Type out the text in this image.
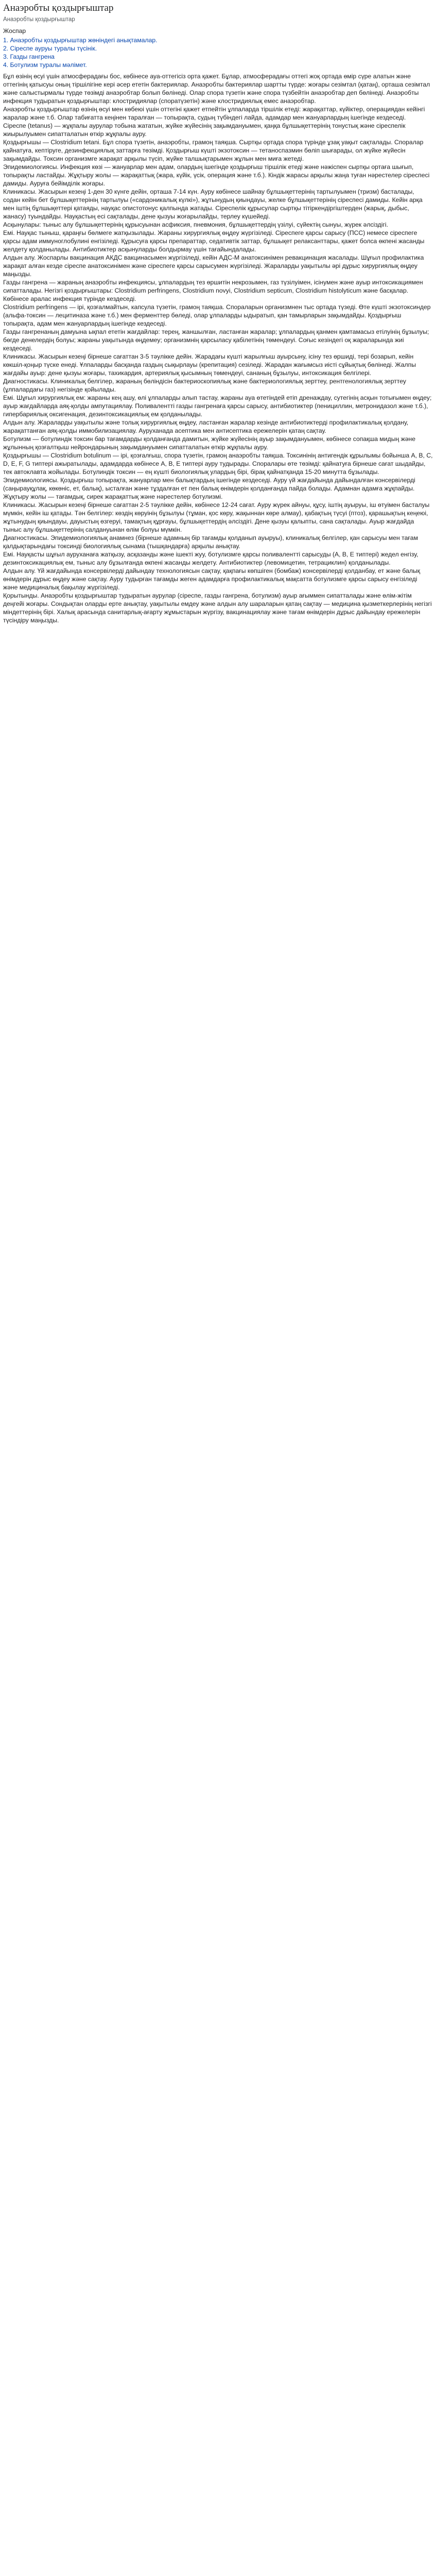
Анаэробты қоздырғыштар
Анаэробты қоздырғыштар
Жоспар
1. Анаэробты қоздырғыштар жөніндегі анықтамалар.
2. Сіреспе ауруы туралы түсінік.
3. Газды гангрена
4. Ботулизм туралы мәлімет.

Бұл өзінің өсуі үшін атмосферадағы бос, көбінесе ауа-оттегісіз орта қажет. Бұлар, атмосферадағы оттегі жоқ ортада өмір сүре алатын және оттегінің қатысуы оның тіршілігіне кері әсер ететін бактериялар. Анаэробты бактериялар шартты түрде: жоғары сезімтал (қатаң), орташа сезімтал және салыстырмалы түрде төзімді анаэробтар болып бөлінеді. Олар спора түзетін және спора түзбейтін анаэробтар деп бөлінеді. Анаэробты инфекция тудыратын қоздырғыштар: клостридиялар (споратүзетін) және клостридиялық емес анаэробтар.

Анаэробты қоздырғыштар өзінің өсуі мен көбеюі үшін оттегіні қажет етпейтін ұлпаларда тіршілік етеді: жарақаттар, күйіктер, операциядан кейінгі жаралар және т.б. Олар табиғатта кеңінен таралған — топырақта, судың түбіндегі лайда, адамдар мен жануарлардың ішегінде кездеседі.

Сіреспе (tetanus) — жұқпалы аурулар тобына жататын, жүйке жүйесінің зақымдануымен, қаңқа бұлшықеттерінің тонустық және сіреспелік жиырылуымен сипатталатын өткір жұқпалы ауру.

Қоздырғышы — Clostridium tetani. Бұл спора түзетін, анаэробты, грамоң таяқша. Сыртқы ортада спора түрінде ұзақ уақыт сақталады. Споралар қайнатуға, кептіруге, дезинфекциялық заттарға төзімді. Қоздырғыш күшті экзотоксин — тетаноспазмин бөліп шығарады, ол жүйке жүйесін зақымдайды. Токсин организмге жарақат арқылы түсіп, жүйке талшықтарымен жұлын мен миға жетеді.

Эпидемиологиясы. Инфекция көзі — жануарлар мен адам, олардың ішегінде қоздырғыш тіршілік етеді және нәжіспен сыртқы ортаға шығып, топырақты ластайды. Жұқтыру жолы — жарақаттық (жара, күйік, үсік, операция және т.б.). Кіндік жарасы арқылы жаңа туған нәрестелер сіреспесі дамиды. Ауруға бейімділік жоғары.

Клиникасы. Жасырын кезеңі 1-ден 30 күнге дейін, орташа 7-14 күн. Ауру көбінесе шайнау бұлшықеттерінің тартылуымен (тризм) басталады, содан кейін бет бұлшықеттерінің тартылуы («сардоникалық күлкі»), жұтынудың қиындауы, желке бұлшықеттерінің сіреспесі дамиды. Кейін арқа мен іштің бұлшықеттері қатаяды, науқас опистотонус қалпында жатады. Сіреспелік құрысулар сыртқы тітіркендіргіштерден (жарық, дыбыс, жанасу) туындайды. Науқастың есі сақталады, дене қызуы жоғарылайды, терлеу күшейеді.

Асқынулары: тыныс алу бұлшықеттерінің құрысуынан асфиксия, пневмония, бұлшықеттердің үзілуі, сүйектің сынуы, жүрек әлсіздігі.

Емі. Науқас тыныш, қараңғы бөлмеге жатқызылады. Жараны хирургиялық өңдеу жүргізіледі. Сіреспеге қарсы сарысу (ПСС) немесе сіреспеге қарсы адам иммуноглобулині енгізіледі. Құрысуға қарсы препараттар, седативтік заттар, бұлшықет релаксанттары, қажет болса өкпені жасанды желдету қолданылады. Антибиотиктер асқынуларды болдырмау үшін тағайындалады.

Алдын алу. Жоспарлы вакцинация АКДС вакцинасымен жүргізіледі, кейін АДС-М анатоксинімен ревакцинация жасалады. Шұғыл профилактика жарақат алған кезде сіреспе анатоксинімен және сіреспеге қарсы сарысумен жүргізіледі. Жараларды уақытылы әрі дұрыс хирургиялық өңдеу маңызды.

Газды гангрена — жараның анаэробты инфекциясы, ұлпалардың тез өршитін некрозымен, газ түзілуімен, ісінумен және ауыр интоксикациямен сипатталады. Негізгі қоздырғыштары: Clostridium perfringens, Clostridium novyi, Clostridium septicum, Clostridium histolyticum және басқалар. Көбінесе аралас инфекция түрінде кездеседі.

Clostridium perfringens — ірі, қозғалмайтын, капсула түзетін, грамоң таяқша. Спораларын организмнен тыс ортада түзеді. Өте күшті экзотоксиндер (альфа-токсин — лецитиназа және т.б.) мен ферменттер бөледі, олар ұлпаларды ыдыратып, қан тамырларын зақымдайды. Қоздырғыш топырақта, адам мен жануарлардың ішегінде кездеседі.

Газды гангренаның дамуына ықпал ететін жағдайлар: терең, жаншылған, ластанған жаралар; ұлпалардың қанмен қамтамасыз етілуінің бұзылуы; бөгде денелердің болуы; жараны уақытында өңдемеу; организмнің қарсыласу қабілетінің төмендеуі. Соғыс кезіндегі оқ жараларында жиі кездеседі.

Клиникасы. Жасырын кезеңі бірнеше сағаттан 3-5 тәулікке дейін. Жарадағы күшті жарылғыш ауырсыну, ісіну тез өршиді, тері бозарып, кейін көкшіл-қоңыр түске енеді. Ұлпаларды басқанда газдың сықырлауы (крепитация) сезіледі. Жарадан жағымсыз иісті сұйықтық бөлінеді. Жалпы жағдайы ауыр: дене қызуы жоғары, тахикардия, артериялық қысымның төмендеуі, сананың бұзылуы, интоксикация белгілері.

Диагностикасы. Клиникалық белгілер, жараның бөліндісін бактериоскопиялық және бактериологиялық зерттеу, рентгенологиялық зерттеу (ұлпалардағы газ) негізінде қойылады.

Емі. Шұғыл хирургиялық ем: жараны кең ашу, өлі ұлпаларды алып тастау, жараны ауа өтетіндей етіп дренаждау, сутегінің асқын тотығымен өңдеу; ауыр жағдайларда аяқ-қолды ампутациялау. Поливалентті газды гангренаға қарсы сарысу, антибиотиктер (пенициллин, метронидазол және т.б.), гипербариялық оксигенация, дезинтоксикациялық ем қолданылады.

Алдын алу. Жараларды уақытылы және толық хирургиялық өңдеу, ластанған жаралар кезінде антибиотиктерді профилактикалық қолдану, жарақаттанған аяқ-қолды иммобилизациялау. Ауруханада асептика мен антисептика ережелерін қатаң сақтау.

Ботулизм — ботулиндік токсин бар тағамдарды қолданғанда дамитын, жүйке жүйесінің ауыр зақымдануымен, көбінесе сопақша мидың және жұлынның қозғалтқыш нейрондарының зақымдануымен сипатталатын өткір жұқпалы ауру.

Қоздырғышы — Clostridium botulinum — ірі, қозғалғыш, спора түзетін, грамоң анаэробты таяқша. Токсинінің антигендік құрылымы бойынша A, B, C, D, E, F, G типтері ажыратылады, адамдарда көбінесе A, B, E типтері ауру тудырады. Споралары өте төзімді: қайнатуға бірнеше сағат шыдайды, тек автоклавта жойылады. Ботулиндік токсин — ең күшті биологиялық улардың бірі, бірақ қайнатқанда 15-20 минутта бұзылады.

Эпидемиологиясы. Қоздырғыш топырақта, жануарлар мен балықтардың ішегінде кездеседі. Ауру үй жағдайында дайындалған консервілерді (саңырауқұлақ, көкөніс, ет, балық), ысталған және тұздалған ет пен балық өнімдерін қолданғанда пайда болады. Адамнан адамға жұқпайды. Жұқтыру жолы — тағамдық, сирек жарақаттық және нәрестелер ботулизмі.

Клиникасы. Жасырын кезеңі бірнеше сағаттан 2-5 тәулікке дейін, көбінесе 12-24 сағат. Ауру жүрек айнуы, құсу, іштің ауыруы, іш өтуімен басталуы мүмкін, кейін іш қатады. Тән белгілер: көздің көруінің бұзылуы (тұман, қос көру, жақыннан көре алмау), қабақтың түсуі (птоз), қарашықтың кеңеюі, жұтынудың қиындауы, дауыстың өзгеруі, тамақтың құрғауы, бұлшықеттердің әлсіздігі. Дене қызуы қалыпты, сана сақталады. Ауыр жағдайда тыныс алу бұлшықеттерінің салдануынан өлім болуы мүмкін.

Диагностикасы. Эпидемиологиялық анамнез (бірнеше адамның бір тағамды қолданып ауыруы), клиникалық белгілер, қан сарысуы мен тағам қалдықтарындағы токсинді биологиялық сынама (тышқандарға) арқылы анықтау.

Емі. Науқасты шұғыл ауруханаға жатқызу, асқазанды және ішекті жуу, ботулизмге қарсы поливалентті сарысуды (A, B, E типтері) жедел енгізу, дезинтоксикациялық ем, тыныс алу бұзылғанда өкпені жасанды желдету. Антибиотиктер (левомицетин, тетрациклин) қолданылады.

Алдын алу. Үй жағдайында консервілерді дайындау технологиясын сақтау, қақпағы көпшіген (бомбаж) консервілерді қолданбау, ет және балық өнімдерін дұрыс өңдеу және сақтау. Ауру тудырған тағамды жеген адамдарға профилактикалық мақсатта ботулизмге қарсы сарысу енгізіледі және медициналық бақылау жүргізіледі.

Қорытынды. Анаэробты қоздырғыштар тудыратын аурулар (сіреспе, газды гангрена, ботулизм) ауыр ағыммен сипатталады және өлім-жітім деңгейі жоғары. Сондықтан оларды ерте анықтау, уақытылы емдеу және алдын алу шараларын қатаң сақтау — медицина қызметкерлерінің негізгі міндеттерінің бірі. Халық арасында санитарлық-ағарту жұмыстарын жүргізу, вакцинациялау және тағам өнімдерін дұрыс дайындау ережелерін түсіндіру маңызды.
